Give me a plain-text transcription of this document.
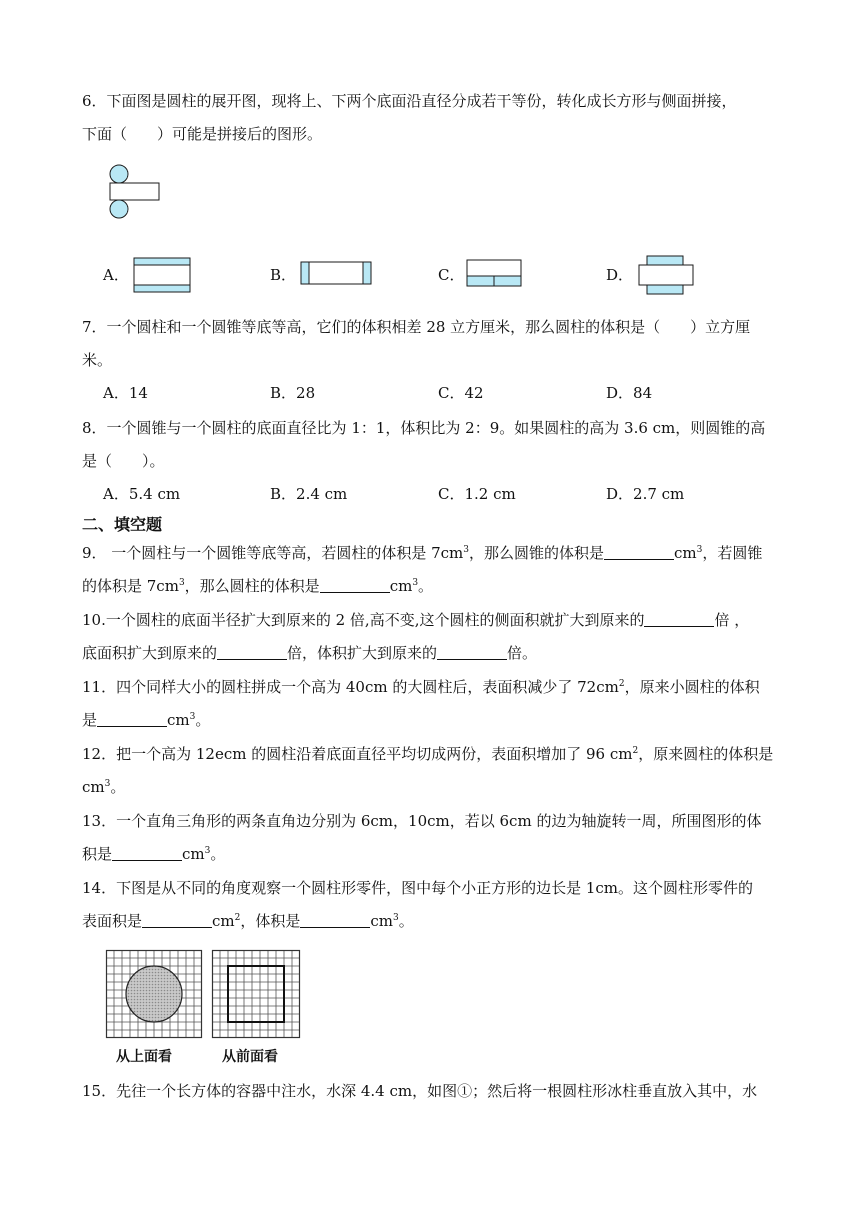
6．下面图是圆柱的展开图，现将上、下两个底面沿直径分成若干等份，转化成长方形与侧面拼接，
下面（　　）可能是拼接后的图形。
A．	B．	C．	D．
7．一个圆柱和一个圆锥等底等高，它们的体积相差 28 立方厘米，那么圆柱的体积是（　　）立方厘
米。
A．14	B．28	C．42	D．84
8．一个圆锥与一个圆柱的底面直径比为 1：1，体积比为 2：9。如果圆柱的高为 3.6 cm，则圆锥的高
是（　　）。
A．5.4 cm	B．2.4 cm	C．1.2 cm	D．2.7 cm
二、填空题
9． 一个圆柱与一个圆锥等底等高，若圆柱的体积是 $7cm^3$，那么圆锥的体积是	$cm^3$，若圆锥
的体积是 $7cm^3$，那么圆柱的体积是	$cm^3$。
10.一个圆柱的底面半径扩大到原来的 2 倍,高不变,这个圆柱的侧面积就扩大到原来的	倍 ，
底面积扩大到原来的	倍，体积扩大到原来的	倍。
11．四个同样大小的圆柱拼成一个高为 40cm 的大圆柱后，表面积减少了 $72cm^2$，原来小圆柱的体积
是	$cm^3$。
12．把一个高为 12ecm 的圆柱沿着底面直径平均切成两份，表面积增加了 96 $cm^2$，原来圆柱的体积是
$cm^3$。
13．一个直角三角形的两条直角边分别为 6cm，10cm，若以 6cm 的边为轴旋转一周，所围图形的体
积是	$cm^3$。
14．下图是从不同的角度观察一个圆柱形零件，图中每个小正方形的边长是 1cm。这个圆柱形零件的
表面积是	$cm^2$，体积是	$cm^3$。
从上面看	从前面看
15．先往一个长方体的容器中注水，水深 4.4 cm，如图①；然后将一根圆柱形冰柱垂直放入其中，水
